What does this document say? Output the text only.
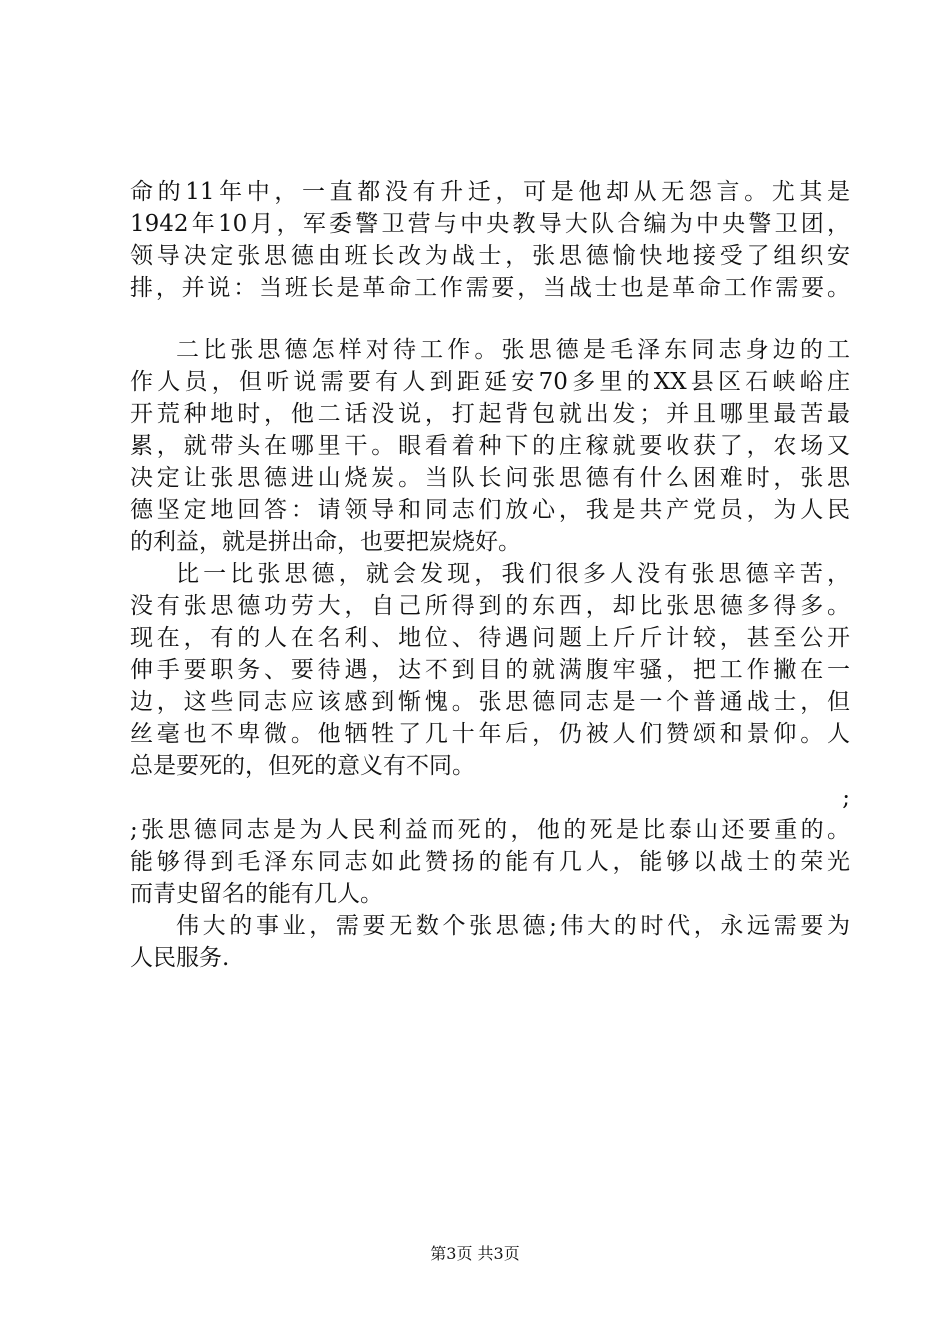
命的11年中，一直都没有升迁，可是他却从无怨言。尤其是
1942年10月，军委警卫营与中央教导大队合编为中央警卫团，
领导决定张思德由班长改为战士，张思德愉快地接受了组织安
排，并说：当班长是革命工作需要，当战士也是革命工作需要。
二比张思德怎样对待工作。张思德是毛泽东同志身边的工
作人员，但听说需要有人到距延安70多里的XX县区石峡峪庄
开荒种地时，他二话没说，打起背包就出发；并且哪里最苦最
累，就带头在哪里干。眼看着种下的庄稼就要收获了，农场又
决定让张思德进山烧炭。当队长问张思德有什么困难时，张思
德坚定地回答：请领导和同志们放心，我是共产党员，为人民
的利益，就是拼出命，也要把炭烧好。
比一比张思德，就会发现，我们很多人没有张思德辛苦，
没有张思德功劳大，自己所得到的东西，却比张思德多得多。
现在，有的人在名利、地位、待遇问题上斤斤计较，甚至公开
伸手要职务、要待遇，达不到目的就满腹牢骚，把工作撇在一
边，这些同志应该感到惭愧。张思德同志是一个普通战士，但
丝毫也不卑微。他牺牲了几十年后，仍被人们赞颂和景仰。人
总是要死的，但死的意义有不同。
;
;张思德同志是为人民利益而死的，他的死是比泰山还要重的。
能够得到毛泽东同志如此赞扬的能有几人，能够以战士的荣光
而青史留名的能有几人。
伟大的事业，需要无数个张思德;伟大的时代，永远需要为
人民服务.
第3页 共3页
